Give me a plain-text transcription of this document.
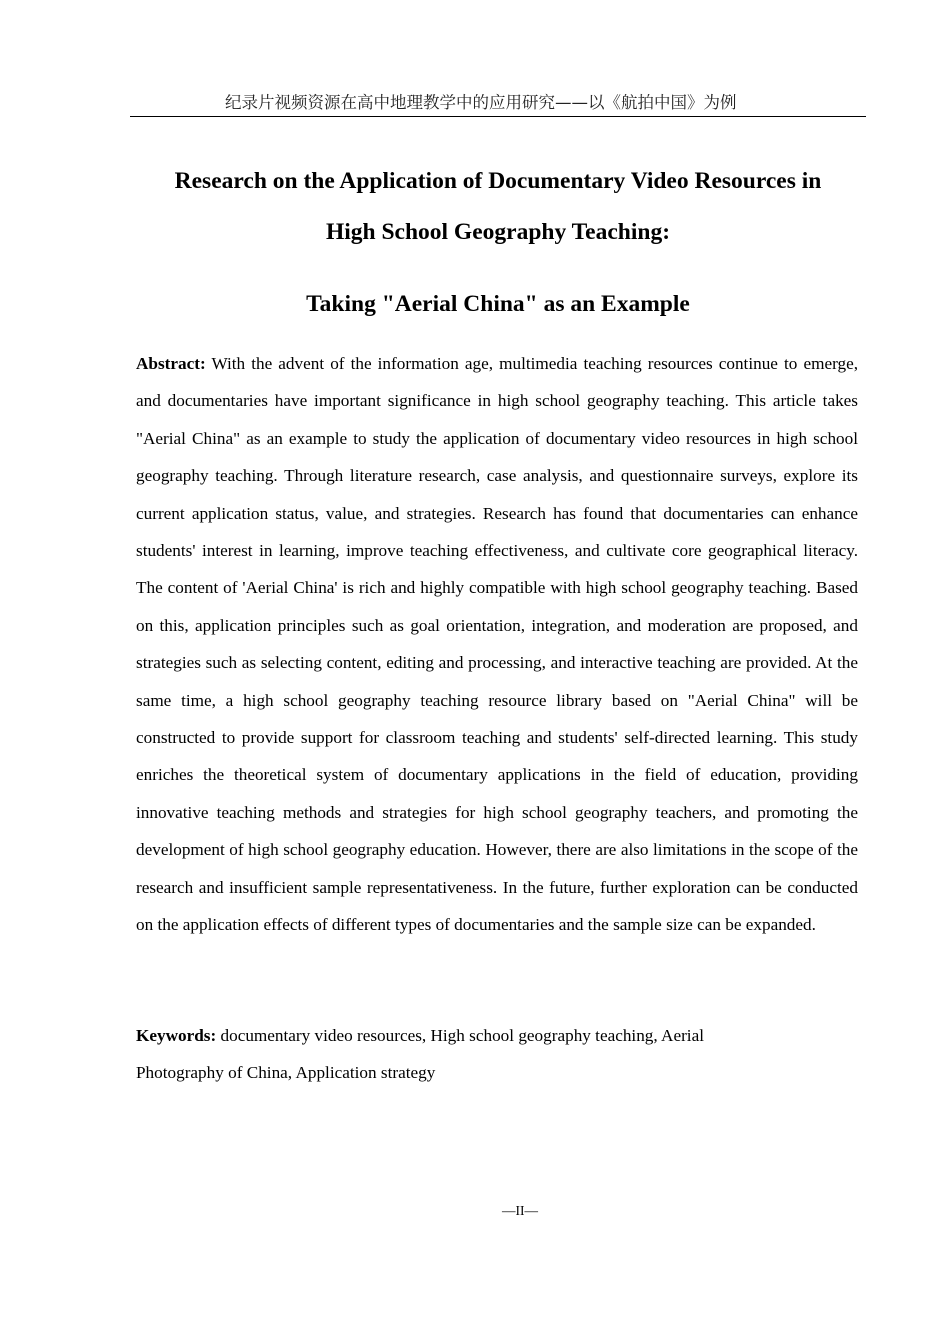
纪录片视频资源在高中地理教学中的应用研究——以《航拍中国》为例
Research on the Application of Documentary Video Resources in
High School Geography Teaching:
Taking "Aerial China" as an Example

Abstract: With the advent of the information age, multimedia teaching resources continue to emerge, and documentaries have important significance in high school geography teaching. This article takes "Aerial China" as an example to study the application of documentary video resources in high school geography teaching. Through literature research, case analysis, and questionnaire surveys, explore its current application status, value, and strategies. Research has found that documentaries can enhance students' interest in learning, improve teaching effectiveness, and cultivate core geographical literacy. The content of 'Aerial China' is rich and highly compatible with high school geography teaching. Based on this, application principles such as goal orientation, integration, and moderation are proposed, and strategies such as selecting content, editing and processing, and interactive teaching are provided. At the same time, a high school geography teaching resource library based on "Aerial China" will be constructed to provide support for classroom teaching and students' self-directed learning. This study enriches the theoretical system of documentary applications in the field of education, providing innovative teaching methods and strategies for high school geography teachers, and promoting the development of high school geography education. However, there are also limitations in the scope of the research and insufficient sample representativeness. In the future, further exploration can be conducted on the application effects of different types of documentaries and the sample size can be expanded.

Keywords: documentary video resources, High school geography teaching, Aerial Photography of China, Application strategy

—II—
